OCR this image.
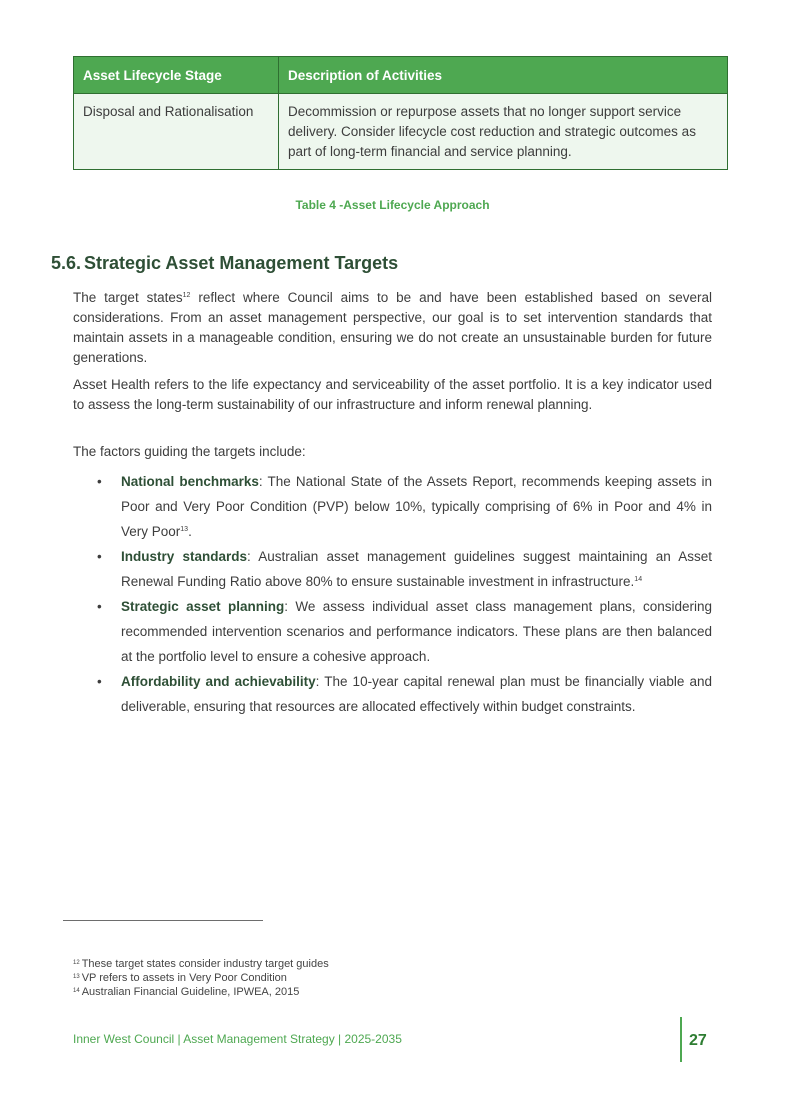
Asset Lifecycle Stage	Description of Activities
Disposal and Rationalisation	Decommission or repurpose assets that no longer support service delivery. Consider lifecycle cost reduction and strategic outcomes as part of long-term financial and service planning.
Table 4 -Asset Lifecycle Approach
5.6. Strategic Asset Management Targets

The target states$^{12}$ reflect where Council aims to be and have been established based on several considerations. From an asset management perspective, our goal is to set intervention standards that maintain assets in a manageable condition, ensuring we do not create an unsustainable burden for future generations.

Asset Health refers to the life expectancy and serviceability of the asset portfolio. It is a key indicator used to assess the long-term sustainability of our infrastructure and inform renewal planning.

The factors guiding the targets include:

• National benchmarks: The National State of the Assets Report, recommends keeping assets in Poor and Very Poor Condition (PVP) below 10%, typically comprising of 6% in Poor and 4% in Very Poor$^{13}$.
• Industry standards: Australian asset management guidelines suggest maintaining an Asset Renewal Funding Ratio above 80% to ensure sustainable investment in infrastructure.$^{14}$
• Strategic asset planning: We assess individual asset class management plans, considering recommended intervention scenarios and performance indicators. These plans are then balanced at the portfolio level to ensure a cohesive approach.
• Affordability and achievability: The 10-year capital renewal plan must be financially viable and deliverable, ensuring that resources are allocated effectively within budget constraints.
$^{12}$ These target states consider industry target guides
$^{13}$ VP refers to assets in Very Poor Condition
$^{14}$ Australian Financial Guideline, IPWEA, 2015
Inner West Council | Asset Management Strategy | 2025-2035	27
